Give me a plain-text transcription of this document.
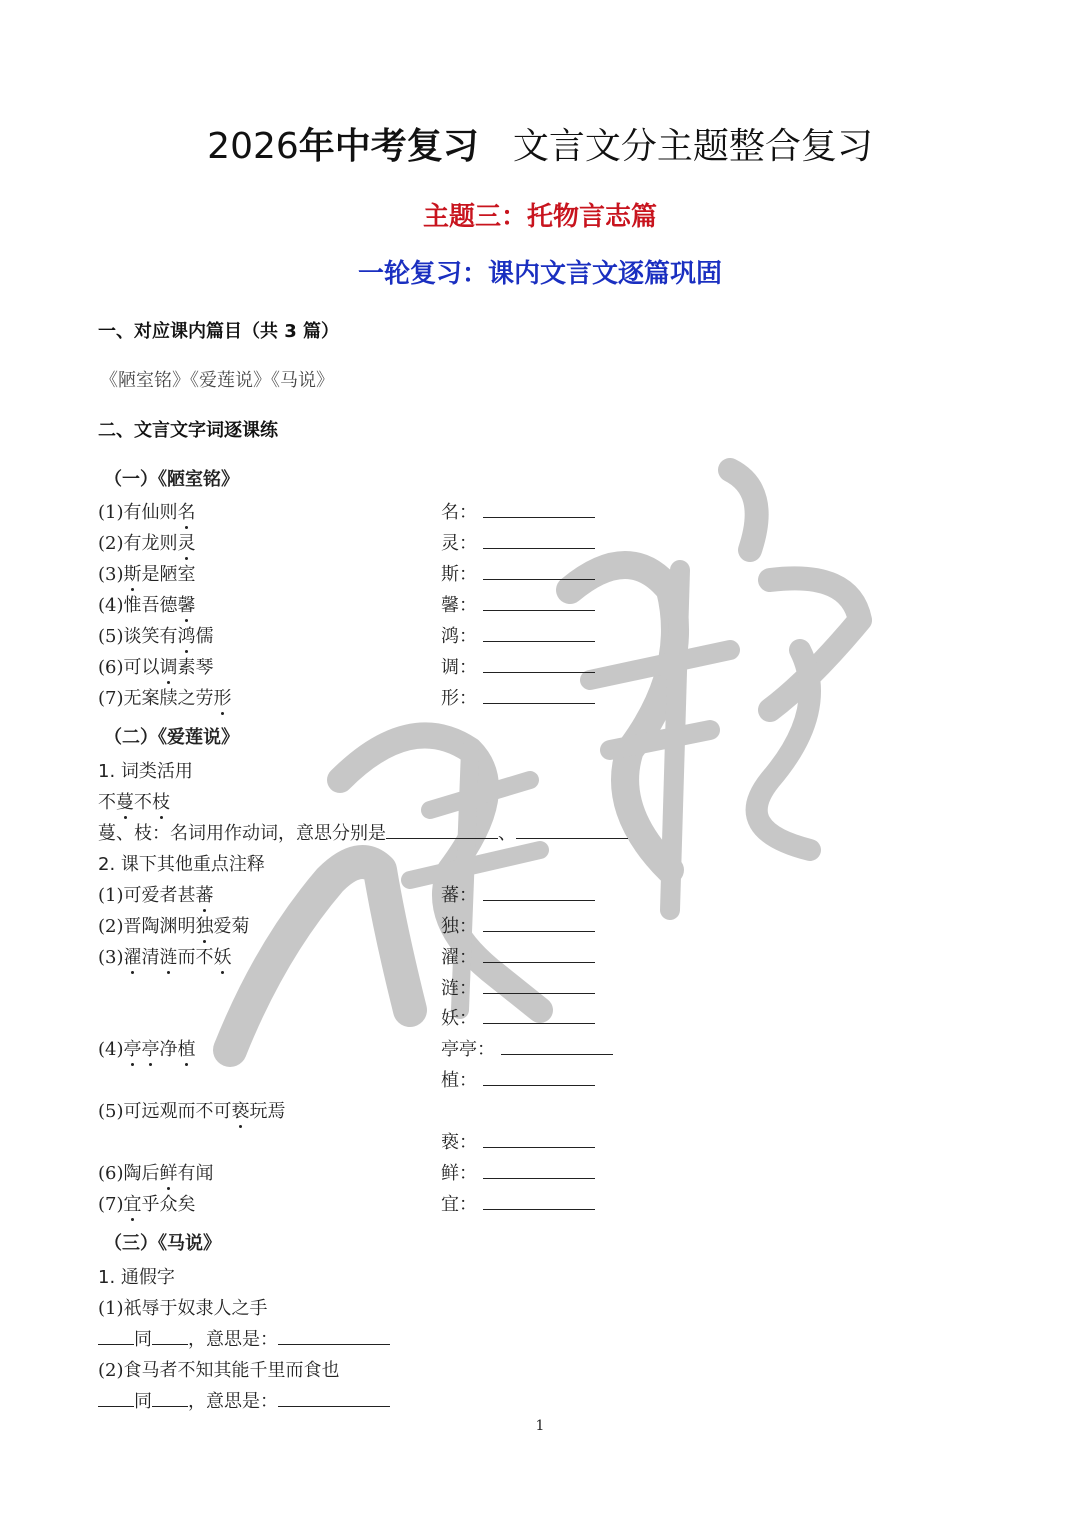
2026年中考复习 文言文分主题整合复习
主题三：托物言志篇
一轮复习：课内文言文逐篇巩固
一、对应课内篇目（共 3 篇）
《陋室铭》《爱莲说》《马说》
二、文言文字词逐课练
（一）《陋室铭》
(1)有仙则名	名：
(2)有龙则灵	灵：
(3)斯是陋室	斯：
(4)惟吾德馨	馨：
(5)谈笑有鸿儒	鸿：
(6)可以调素琴	调：
(7)无案牍之劳形	形：
（二）《爱莲说》
1. 词类活用
不蔓不枝
蔓、枝：名词用作动词，意思分别是	、
2. 课下其他重点注释
(1)可爱者甚蕃	蕃：
(2)晋陶渊明独爱菊	独：
(3)濯清涟而不妖	濯：
涟：
妖：
(4)亭亭净植	亭亭：
植：
(5)可远观而不可亵玩焉
亵：
(6)陶后鲜有闻	鲜：
(7)宜乎众矣	宜：
（三）《马说》
1. 通假字
(1)祇辱于奴隶人之手
同 ，意思是：
(2)食马者不知其能千里而食也
同 ，意思是：
1
